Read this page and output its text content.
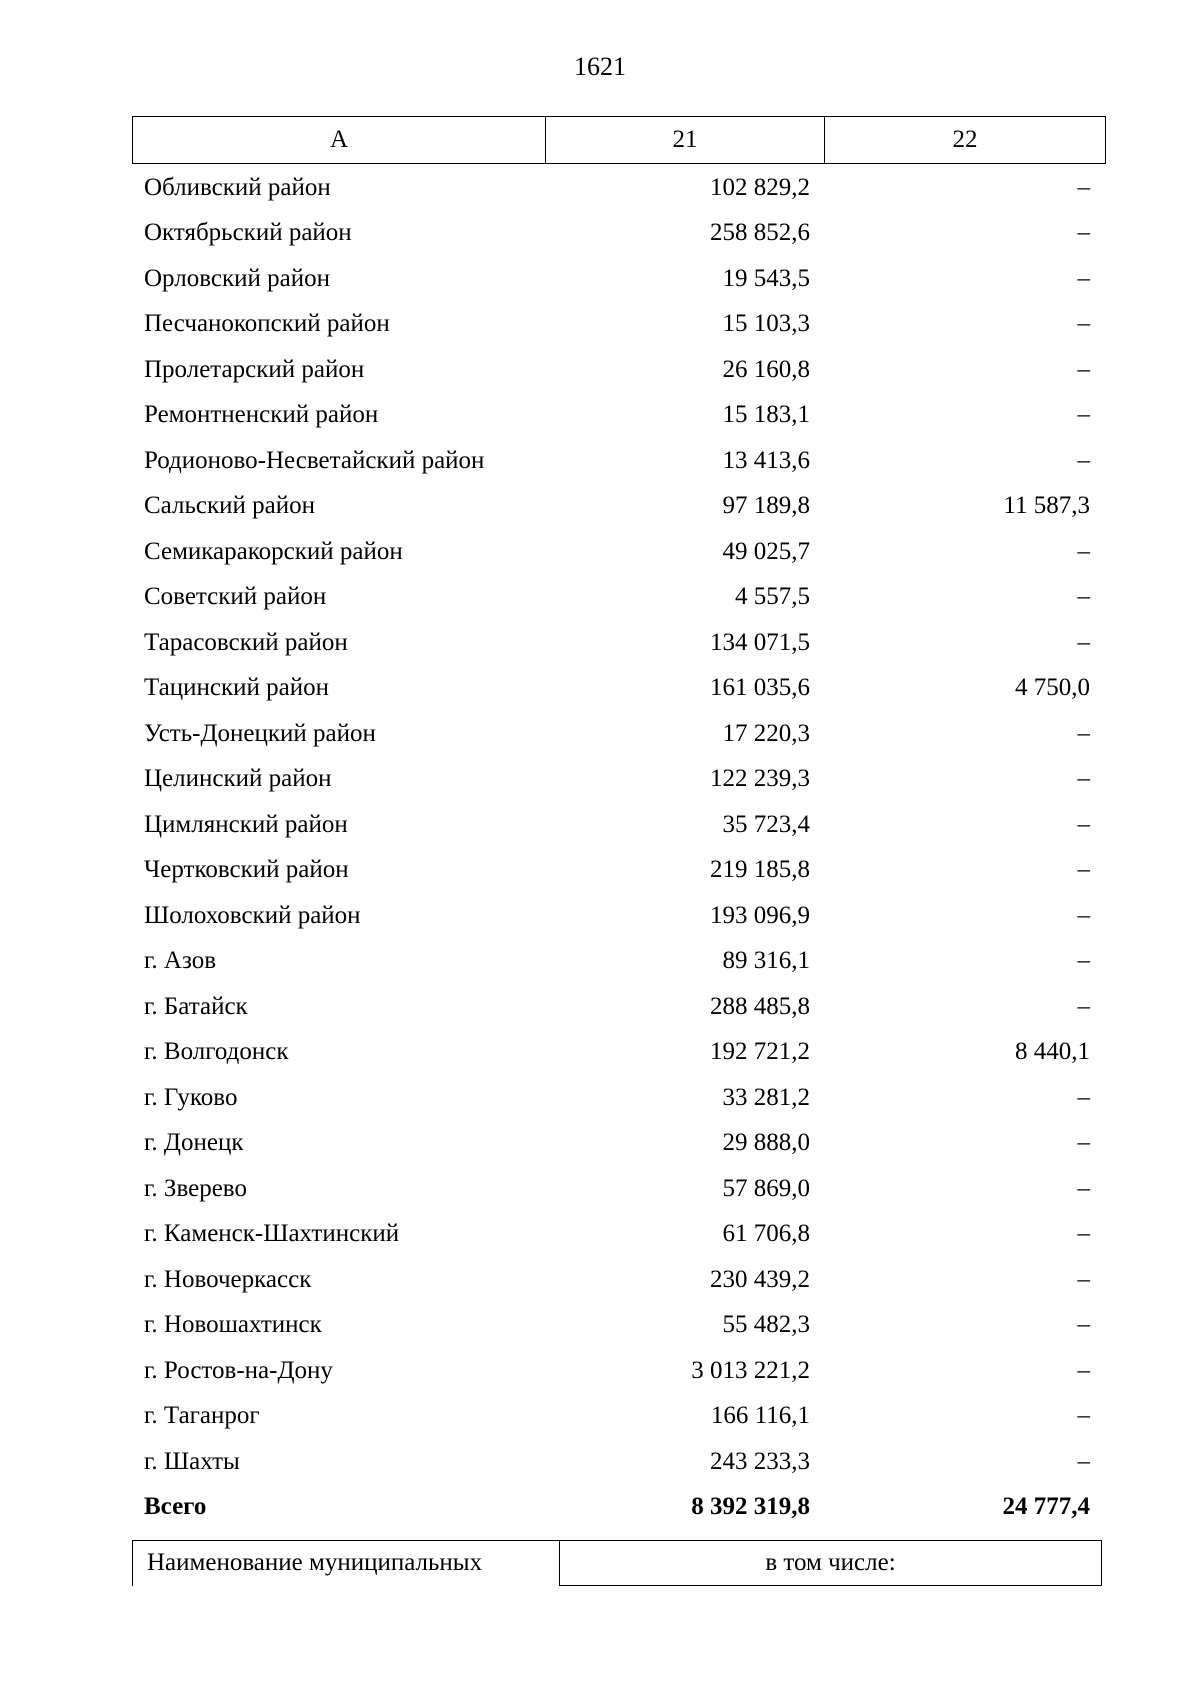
1621
А	21	22
Обливский район	102 829,2	–
Октябрьский район	258 852,6	–
Орловский район	19 543,5	–
Песчанокопский район	15 103,3	–
Пролетарский район	26 160,8	–
Ремонтненский район	15 183,1	–
Родионово-Несветайский район	13 413,6	–
Сальский район	97 189,8	11 587,3
Семикаракорский район	49 025,7	–
Советский район	4 557,5	–
Тарасовский район	134 071,5	–
Тацинский район	161 035,6	4 750,0
Усть-Донецкий район	17 220,3	–
Целинский район	122 239,3	–
Цимлянский район	35 723,4	–
Чертковский район	219 185,8	–
Шолоховский район	193 096,9	–
г. Азов	89 316,1	–
г. Батайск	288 485,8	–
г. Волгодонск	192 721,2	8 440,1
г. Гуково	33 281,2	–
г. Донецк	29 888,0	–
г. Зверево	57 869,0	–
г. Каменск-Шахтинский	61 706,8	–
г. Новочеркасск	230 439,2	–
г. Новошахтинск	55 482,3	–
г. Ростов-на-Дону	3 013 221,2	–
г. Таганрог	166 116,1	–
г. Шахты	243 233,3	–
Всего	8 392 319,8	24 777,4
Наименование муниципальных	в том числе:
